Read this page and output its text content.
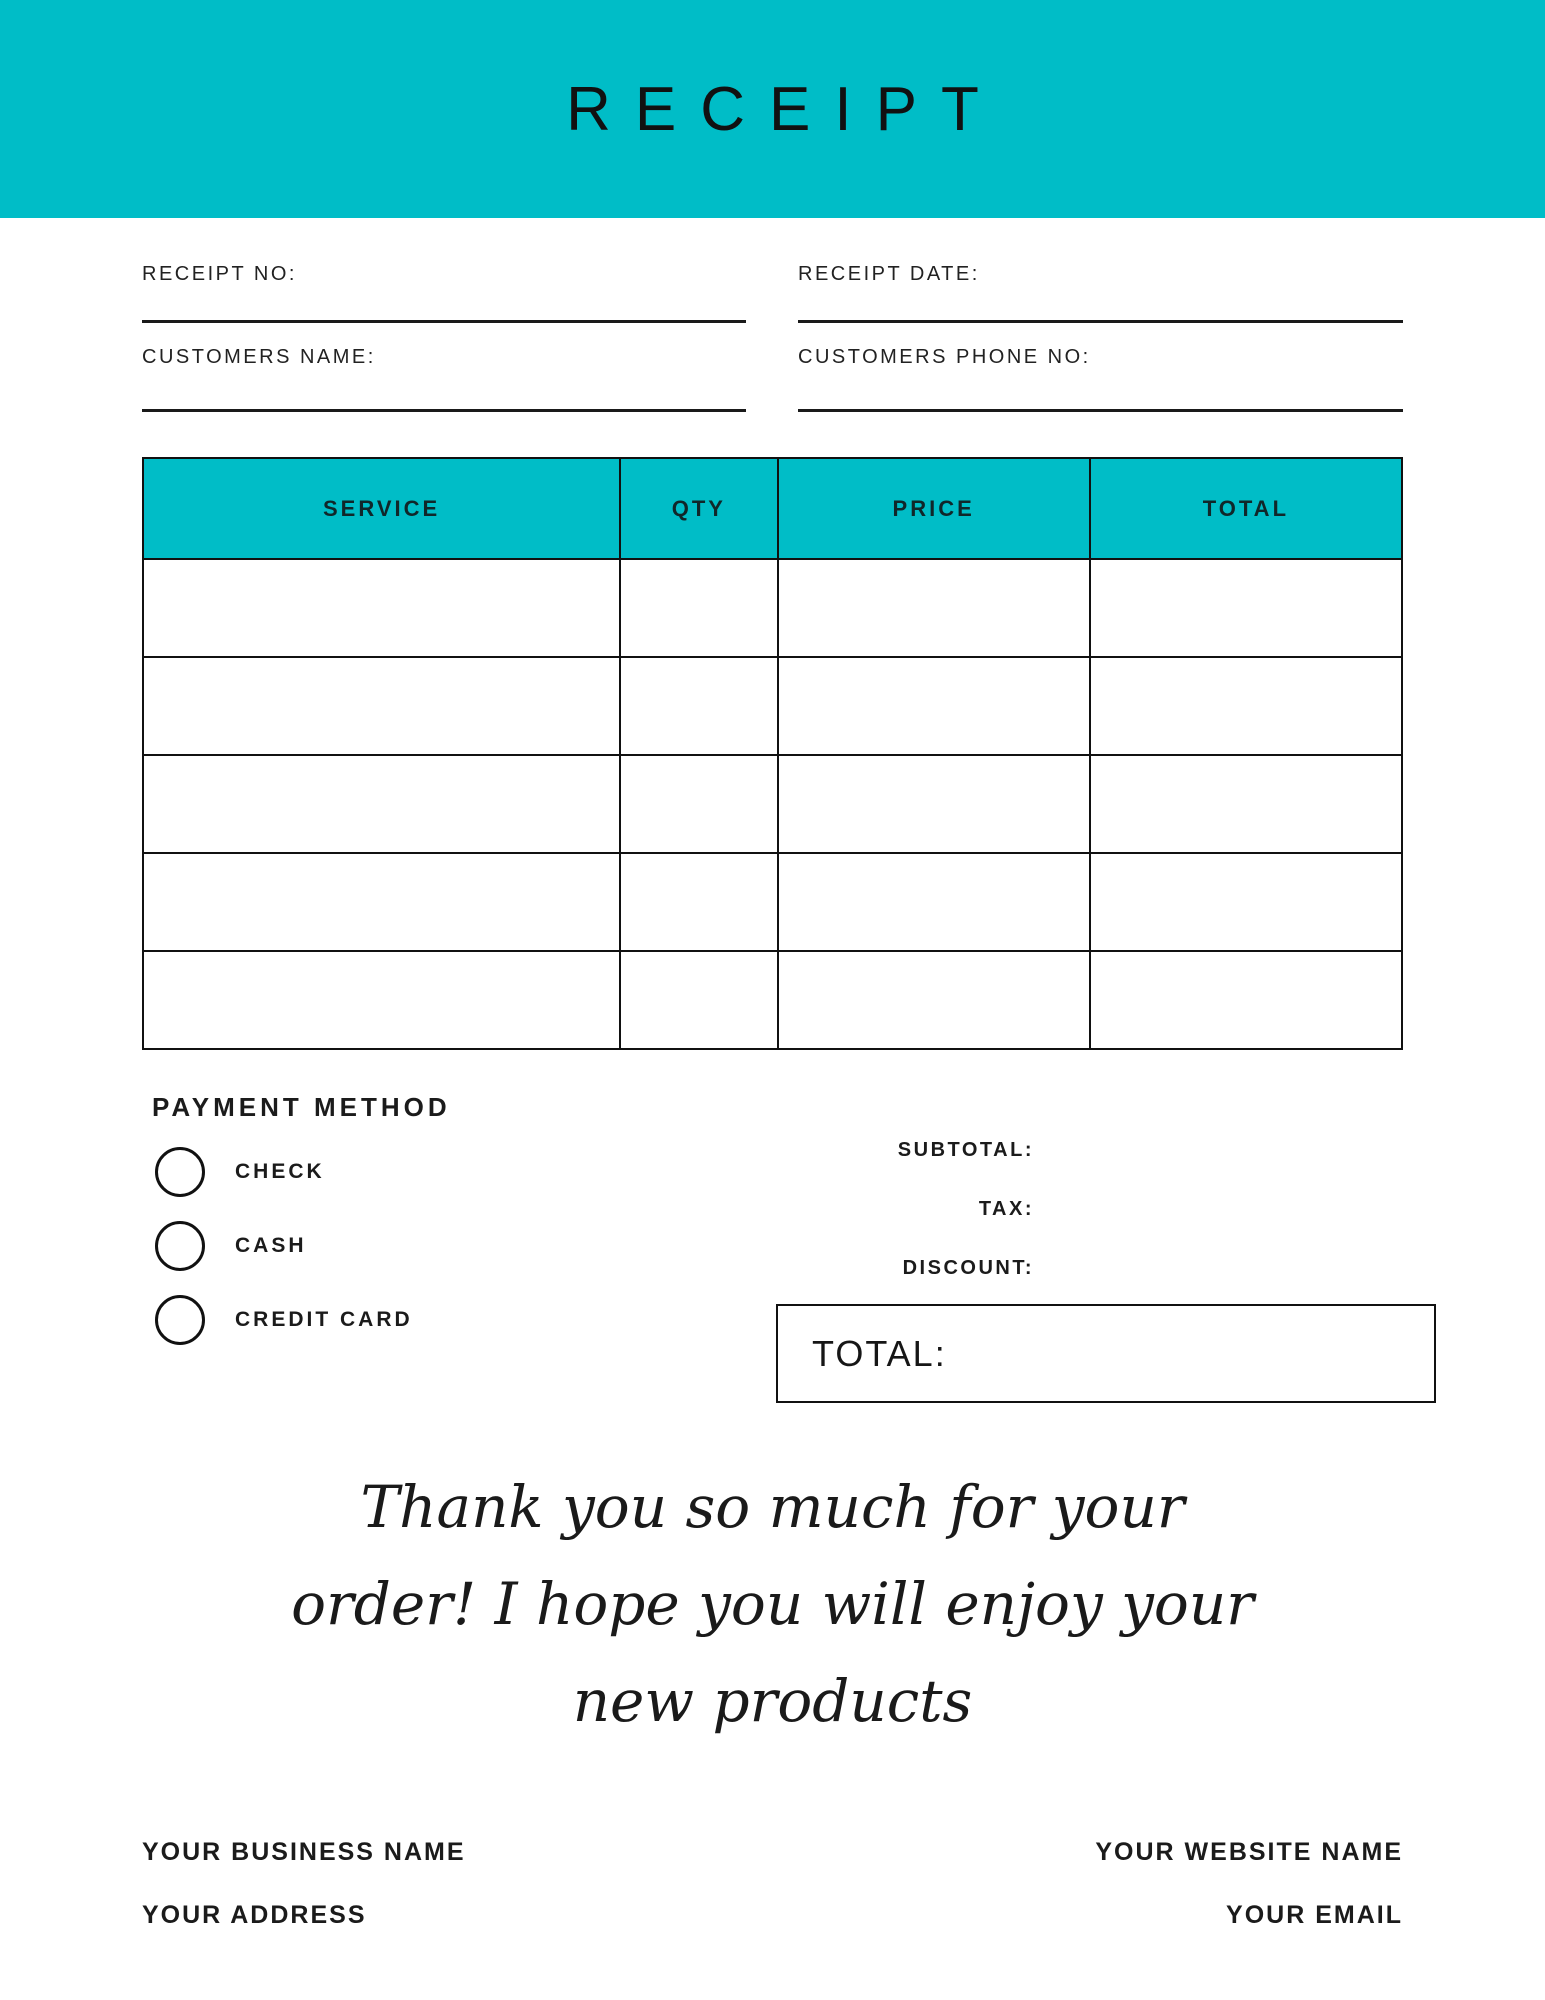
RECEIPT
RECEIPT NO:
CUSTOMERS NAME:
RECEIPT DATE:
CUSTOMERS PHONE NO:
SERVICE	QTY	PRICE	TOTAL

PAYMENT METHOD
CHECK
CASH
CREDIT CARD
SUBTOTAL:
TAX:
DISCOUNT:
TOTAL:
Thank you so much for your
order! I hope you will enjoy your
new products
YOUR BUSINESS NAME
YOUR ADDRESS
YOUR WEBSITE NAME
YOUR EMAIL
